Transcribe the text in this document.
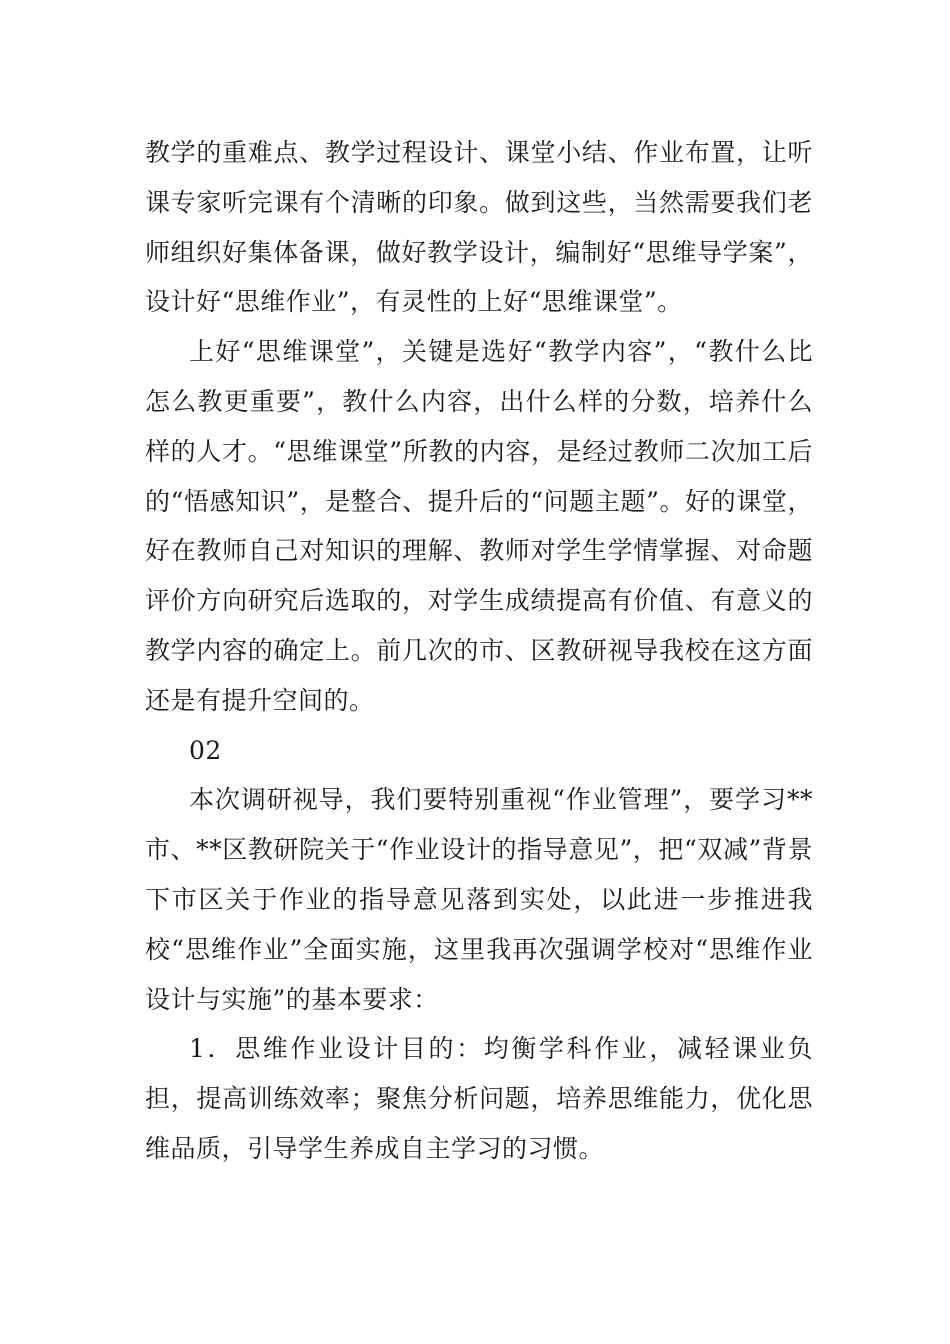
教学的重难点、教学过程设计、课堂小结、作业布置，让听课专家听完课有个清晰的印象。做到这些，当然需要我们老师组织好集体备课，做好教学设计，编制好“思维导学案”，设计好“思维作业”，有灵性的上好“思维课堂”。

上好“思维课堂”，关键是选好“教学内容”，“教什么比怎么教更重要”，教什么内容，出什么样的分数，培养什么样的人才。“思维课堂”所教的内容，是经过教师二次加工后的“悟感知识”，是整合、提升后的“问题主题”。好的课堂，好在教师自己对知识的理解、教师对学生学情掌握、对命题评价方向研究后选取的，对学生成绩提高有价值、有意义的教学内容的确定上。前几次的市、区教研视导我校在这方面还是有提升空间的。

02

本次调研视导，我们要特别重视“作业管理”，要学习**市、**区教研院关于“作业设计的指导意见”，把“双减”背景下市区关于作业的指导意见落到实处，以此进一步推进我校“思维作业”全面实施，这里我再次强调学校对“思维作业设计与实施”的基本要求：

1．思维作业设计目的：均衡学科作业，减轻课业负担，提高训练效率；聚焦分析问题，培养思维能力，优化思维品质，引导学生养成自主学习的习惯。
